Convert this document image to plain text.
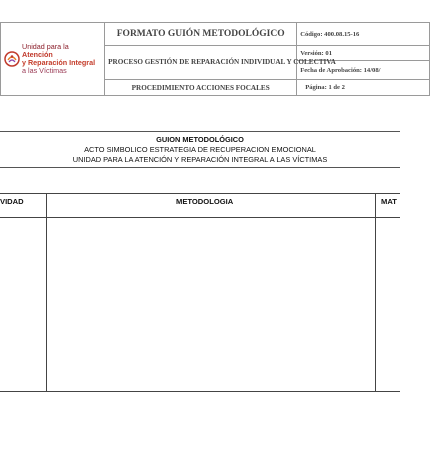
Unidad para la Atención
y Reparación Integral
a las Víctimas	FORMATO GUIÓN METODOLÓGICO	Código: 400.08.15-16
	PROCESO GESTIÓN DE REPARACIÓN INDIVIDUAL Y COLECTIVA	Versión: 01
		Fecha de Aprobación: 14/08/
	PROCEDIMIENTO ACCIONES FOCALES	Página: 1 de 2
GUION METODOLÓGICO
ACTO SIMBOLICO ESTRATEGIA DE RECUPERACION EMOCIONAL
UNIDAD PARA LA ATENCIÓN Y REPARACIÓN INTEGRAL A LAS VÍCTIMAS
VIDAD	METODOLOGIA	MAT
